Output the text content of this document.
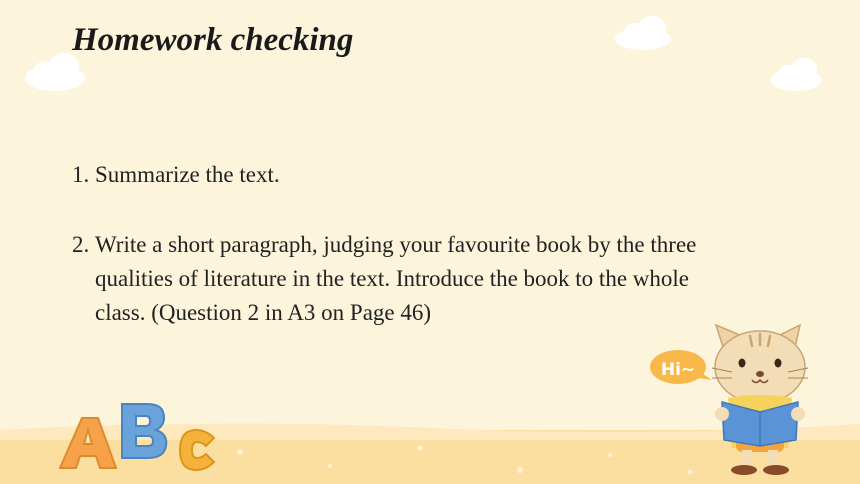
Hi~
Homework checking
1. Summarize the text.
2. Write a short paragraph, judging your favourite book by the three qualities of literature in the text. Introduce the book to the whole class. (Question 2 in A3 on Page 46)
